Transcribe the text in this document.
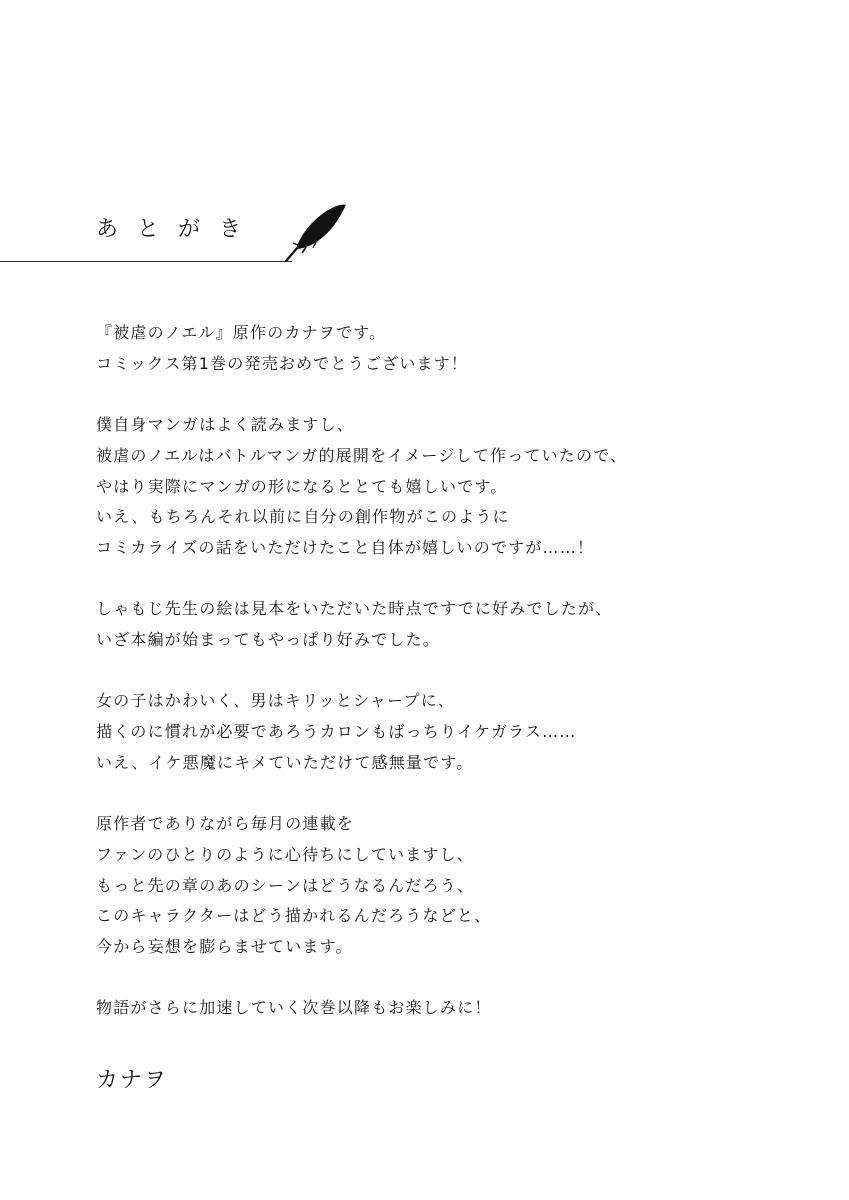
あとがき
『被虐のノエル』原作のカナヲです。
コミックス第1巻の発売おめでとうございます！
僕自身マンガはよく読みますし、
被虐のノエルはバトルマンガ的展開をイメージして作っていたので、
やはり実際にマンガの形になるととても嬉しいです。
いえ、もちろんそれ以前に自分の創作物がこのように
コミカライズの話をいただけたこと自体が嬉しいのですが……！
しゃもじ先生の絵は見本をいただいた時点ですでに好みでしたが、
いざ本編が始まってもやっぱり好みでした。
女の子はかわいく、男はキリッとシャープに、
描くのに慣れが必要であろうカロンもばっちりイケガラス……
いえ、イケ悪魔にキメていただけて感無量です。
原作者でありながら毎月の連載を
ファンのひとりのように心待ちにしていますし、
もっと先の章のあのシーンはどうなるんだろう、
このキャラクターはどう描かれるんだろうなどと、
今から妄想を膨らませています。
物語がさらに加速していく次巻以降もお楽しみに！
カナヲ
